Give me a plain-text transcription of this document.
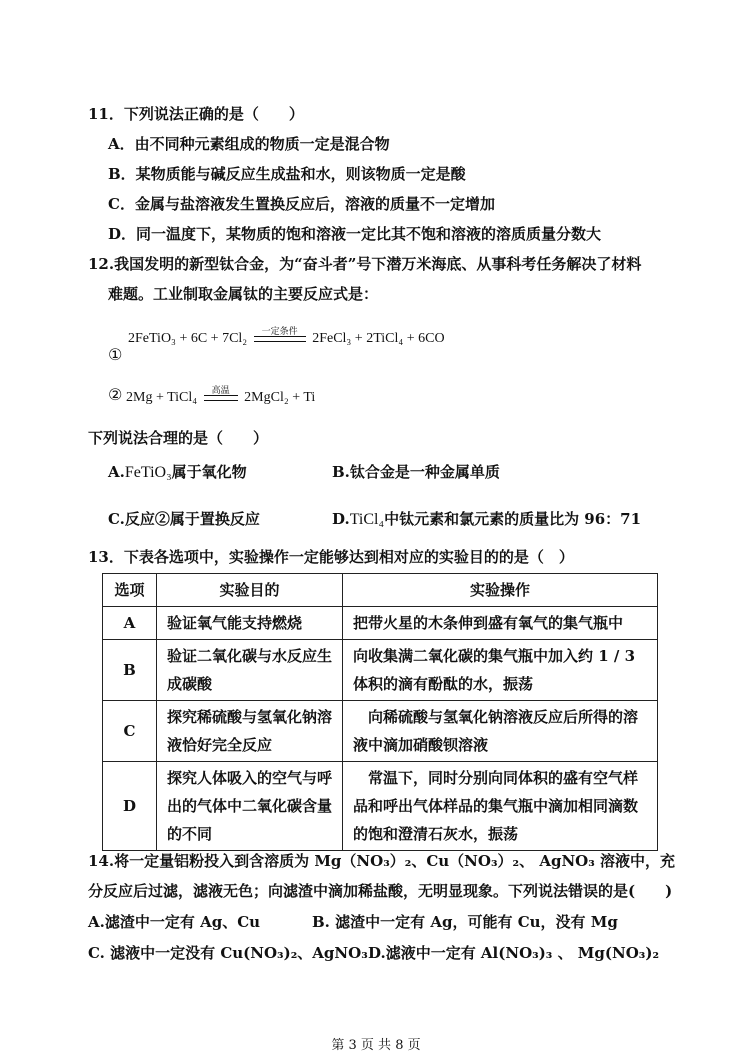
11．下列说法正确的是（　　）
A．由不同种元素组成的物质一定是混合物
B．某物质能与碱反应生成盐和水，则该物质一定是酸
C．金属与盐溶液发生置换反应后，溶液的质量不一定增加
D．同一温度下，某物质的饱和溶液一定比其不饱和溶液的溶质质量分数大
12.我国发明的新型钛合金，为“奋斗者”号下潜万米海底、从事科考任务解决了材料
难题。工业制取金属钛的主要反应式是：
2FeTiO₃ + 6C + 7Cl₂	一定条件	2FeCl₃ + 2TiCl₄ + 6CO
①
② 2Mg + TiCl₄	高温	2MgCl₂ + Ti
下列说法合理的是（　　）
A.FeTiO₃属于氧化物	B.钛合金是一种金属单质
C.反应②属于置换反应	D.TiCl₄中钛元素和氯元素的质量比为 96：71
13．下表各选项中，实验操作一定能够达到相对应的实验目的的是（　）
选项	实验目的	实验操作
A	验证氧气能支持燃烧	把带火星的木条伸到盛有氧气的集气瓶中
B	验证二氧化碳与水反应生成碳酸	向收集满二氧化碳的集气瓶中加入约 1 / 3 体积的滴有酚酞的水，振荡
C	探究稀硫酸与氢氧化钠溶液恰好完全反应	　向稀硫酸与氢氧化钠溶液反应后所得的溶液中滴加硝酸钡溶液
D	探究人体吸入的空气与呼出的气体中二氧化碳含量的不同	　常温下，同时分别向同体积的盛有空气样品和呼出气体样品的集气瓶中滴加相同滴数的饱和澄清石灰水，振荡
14.将一定量铝粉投入到含溶质为 Mg（NO₃）₂、Cu（NO₃）₂、 AgNO₃ 溶液中，充
分反应后过滤，滤液无色；向滤渣中滴加稀盐酸，无明显现象。下列说法错误的是(　　)
A.滤渣中一定有 Ag、Cu	B. 滤渣中一定有 Ag，可能有 Cu，没有 Mg
C. 滤液中一定没有 Cu(NO₃)₂、AgNO₃ D.滤液中一定有 Al(NO₃)₃ 、 Mg(NO₃)₂
第 3 页 共 8 页
